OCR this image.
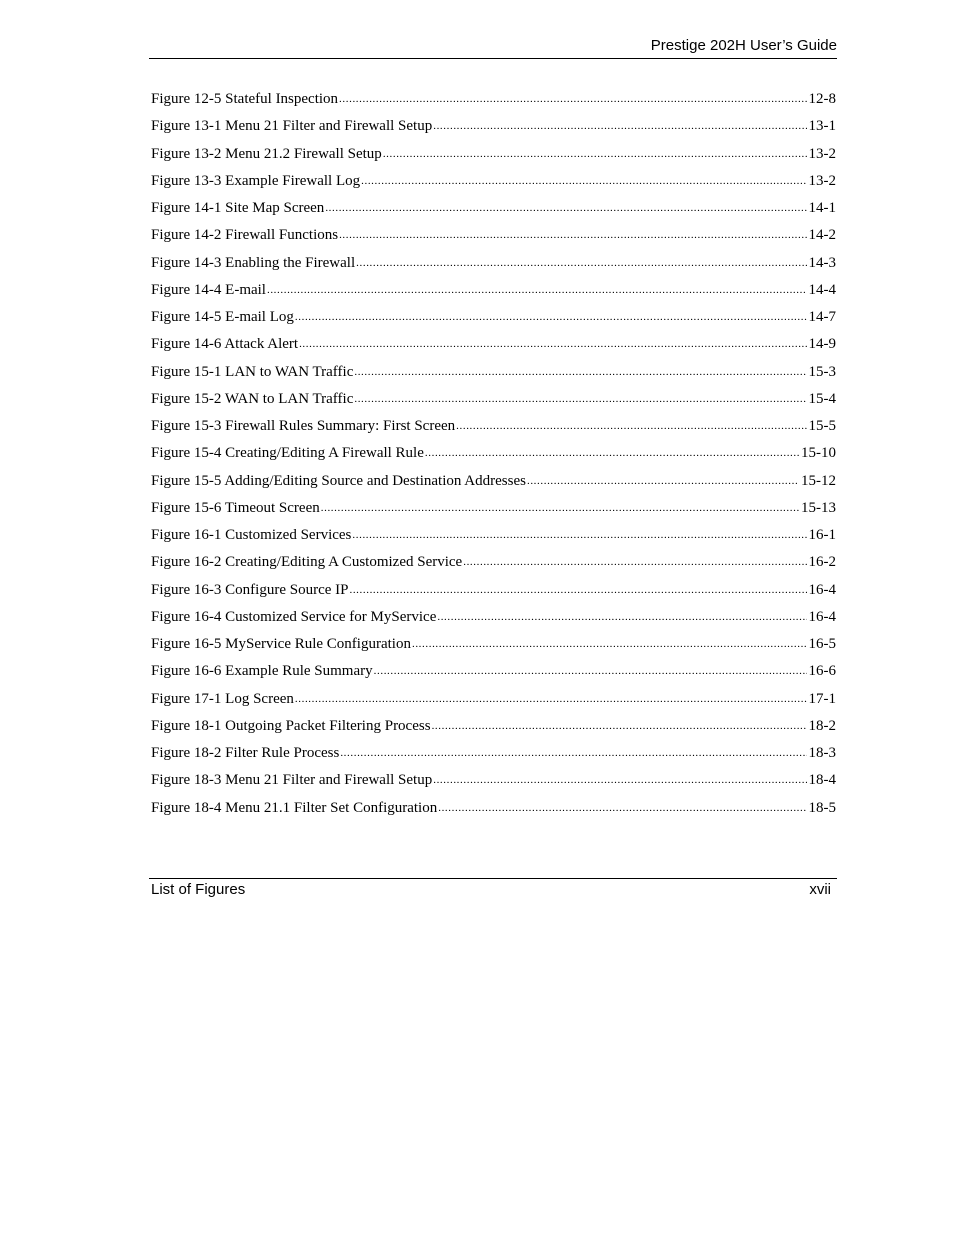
Prestige 202H User’s Guide
Figure 12-5 Stateful Inspection .....	12-8
Figure 13-1 Menu 21 Filter and Firewall Setup .....	13-1
Figure 13-2 Menu 21.2 Firewall Setup .....	13-2
Figure 13-3 Example Firewall Log .....	13-2
Figure 14-1 Site Map Screen .....	14-1
Figure 14-2 Firewall Functions .....	14-2
Figure 14-3 Enabling the Firewall .....	14-3
Figure 14-4 E-mail .....	14-4
Figure 14-5 E-mail Log .....	14-7
Figure 14-6 Attack Alert .....	14-9
Figure 15-1 LAN to WAN Traffic .....	15-3
Figure 15-2 WAN to LAN Traffic .....	15-4
Figure 15-3 Firewall Rules Summary: First Screen .....	15-5
Figure 15-4 Creating/Editing A Firewall Rule .....	15-10
Figure 15-5 Adding/Editing Source and Destination Addresses .....	15-12
Figure 15-6 Timeout Screen .....	15-13
Figure 16-1 Customized Services .....	16-1
Figure 16-2 Creating/Editing A Customized Service .....	16-2
Figure 16-3 Configure Source IP .....	16-4
Figure 16-4 Customized Service for MyService .....	16-4
Figure 16-5 MyService Rule Configuration .....	16-5
Figure 16-6 Example Rule Summary .....	16-6
Figure 17-1 Log Screen .....	17-1
Figure 18-1 Outgoing Packet Filtering Process .....	18-2
Figure 18-2 Filter Rule Process .....	18-3
Figure 18-3 Menu 21 Filter and Firewall Setup .....	18-4
Figure 18-4 Menu 21.1 Filter Set Configuration .....	18-5
List of Figures	xvii
